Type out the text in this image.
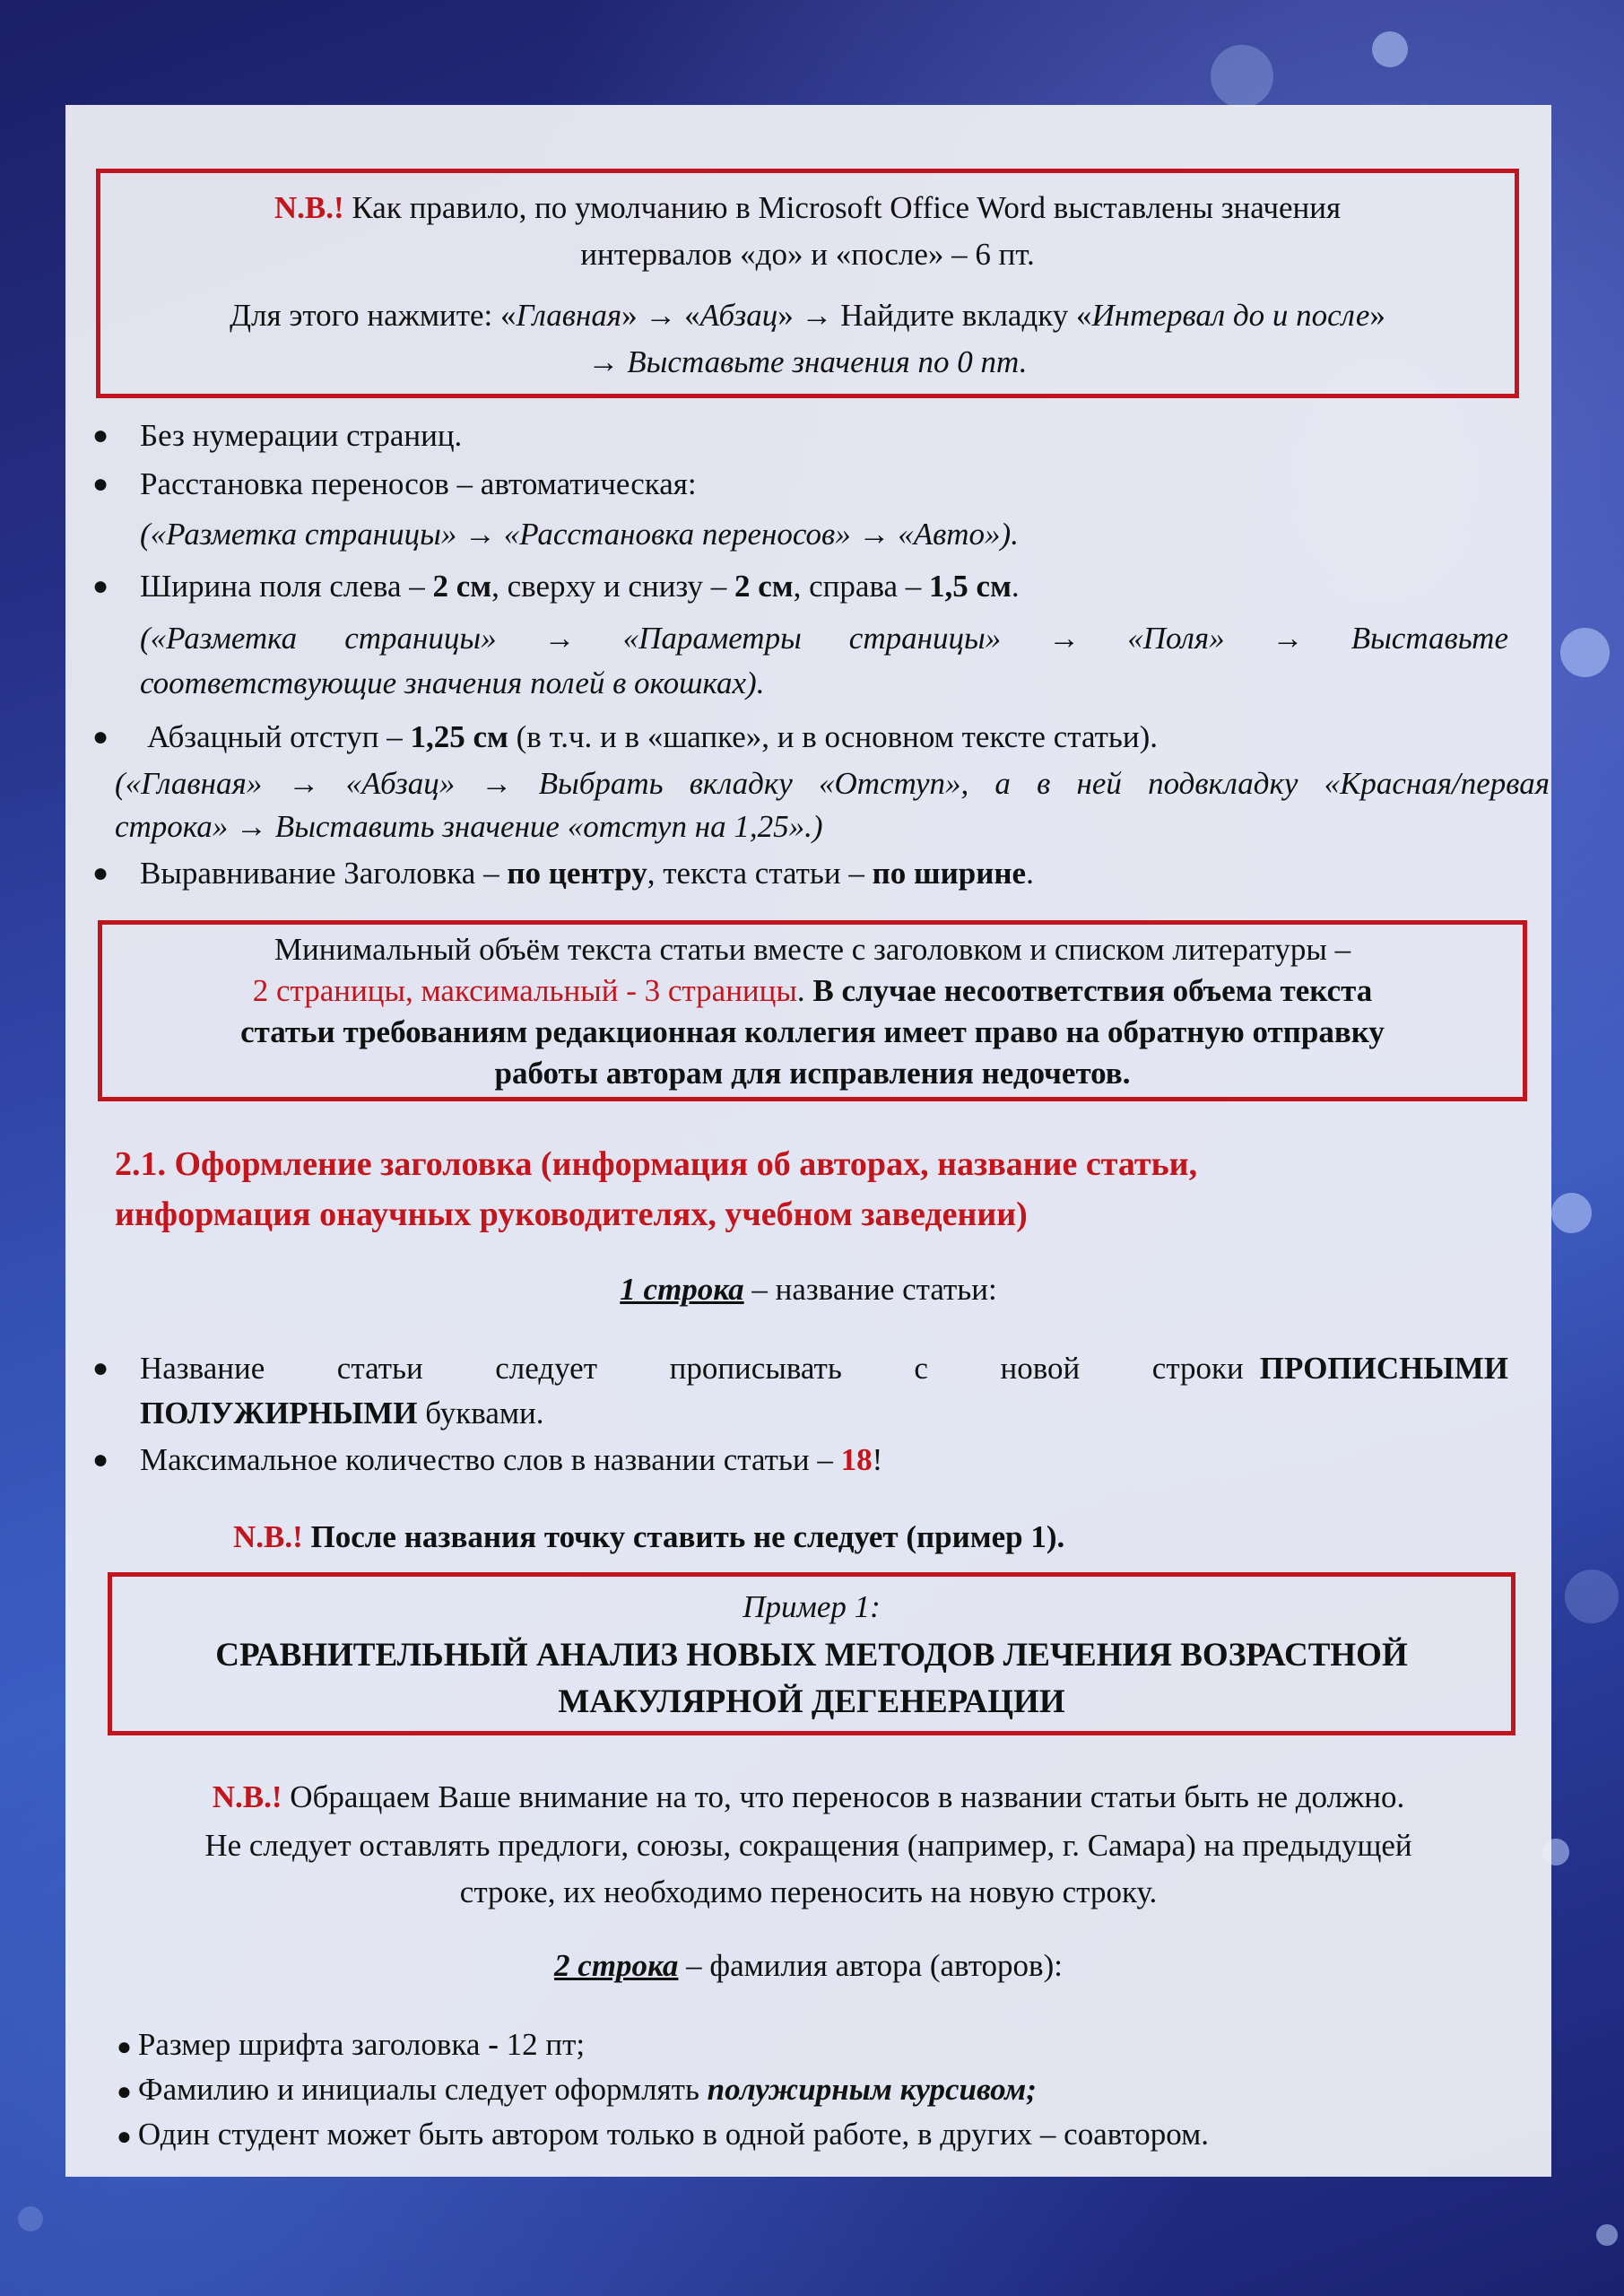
N.B.! Как правило, по умолчанию в Microsoft Office Word выставлены значения
интервалов «до» и «после» – 6 пт.
Для этого нажмите: «Главная» → «Абзац» → Найдите вкладку «Интервал до и после»
→ Выставьте значения по 0 пт.
● Без нумерации страниц.
● Расстановка переносов – автоматическая:
(«Разметка страницы» → «Расстановка переносов» → «Авто»).
● Ширина поля слева – 2 см, сверху и снизу – 2 см, справа – 1,5 см.
(«Разметка страницы» → «Параметры страницы» → «Поля» → Выставьте
соответствующие значения полей в окошках).
● Абзацный отступ – 1,25 см (в т.ч. и в «шапке», и в основном тексте статьи).
(«Главная» → «Абзац» → Выбрать вкладку «Отступ», а в ней подвкладку «Красная/первая
строка» → Выставить значение «отступ на 1,25».)
● Выравнивание Заголовка – по центру, текста статьи – по ширине.
Минимальный объём текста статьи вместе с заголовком и списком литературы –
2 страницы, максимальный - 3 страницы. В случае несоответствия объема текста
статьи требованиям редакционная коллегия имеет право на обратную отправку
работы авторам для исправления недочетов.
2.1. Оформление заголовка (информация об авторах, название статьи,
информация онаучных руководителях, учебном заведении)
1 строка – название статьи:
● Название статьи следует прописывать с новой строки ПРОПИСНЫМИ
ПОЛУЖИРНЫМИ буквами.
● Максимальное количество слов в названии статьи – 18!
N.B.! После названия точку ставить не следует (пример 1).
Пример 1:
СРАВНИТЕЛЬНЫЙ АНАЛИЗ НОВЫХ МЕТОДОВ ЛЕЧЕНИЯ ВОЗРАСТНОЙ
МАКУЛЯРНОЙ ДЕГЕНЕРАЦИИ
N.B.! Обращаем Ваше внимание на то, что переносов в названии статьи быть не должно.
Не следует оставлять предлоги, союзы, сокращения (например, г. Самара) на предыдущей
строке, их необходимо переносить на новую строку.
2 строка – фамилия автора (авторов):
● Размер шрифта заголовка - 12 пт;
● Фамилию и инициалы следует оформлять полужирным курсивом;
● Один студент может быть автором только в одной работе, в других – соавтором.
